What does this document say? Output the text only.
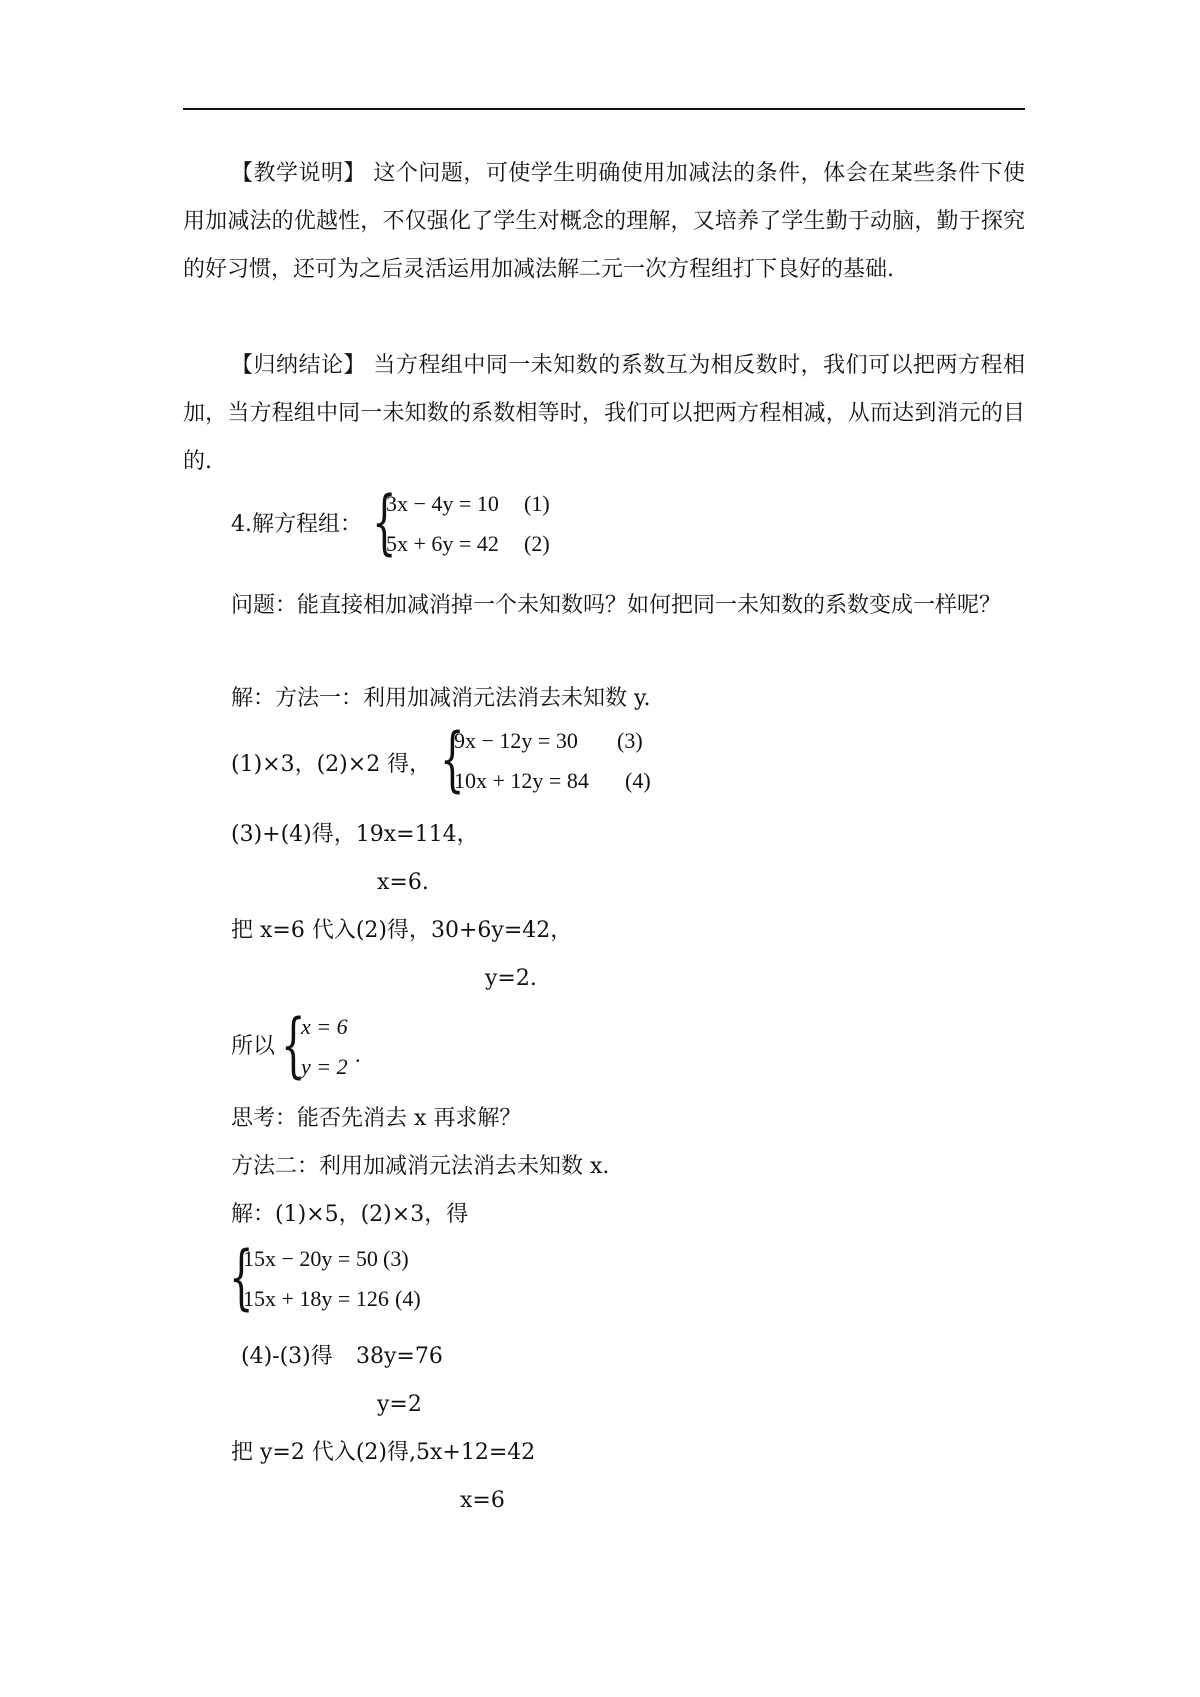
【教学说明】 这个问题，可使学生明确使用加减法的条件，体会在某些条件下使用加减法的优越性，不仅强化了学生对概念的理解，又培养了学生勤于动脑，勤于探究的好习惯，还可为之后灵活运用加减法解二元一次方程组打下良好的基础.
【归纳结论】 当方程组中同一未知数的系数互为相反数时，我们可以把两方程相加，当方程组中同一未知数的系数相等时，我们可以把两方程相减，从而达到消元的目的.
4.解方程组： {
3x − 4y = 10 (1)
5x + 6y = 42 (2)
问题：能直接相加减消掉一个未知数吗？如何把同一未知数的系数变成一样呢？
解：方法一：利用加减消元法消去未知数 y.
(1)×3，(2)×2 得， {
9x − 12y = 30 (3)
10x + 12y = 84 (4)
(3)+(4)得，19x=114，
x=6.
把 x=6 代入(2)得，30+6y=42，
y=2.
所以 {
x = 6
y = 2 .
思考：能否先消去 x 再求解？
方法二：利用加减消元法消去未知数 x.
解：(1)×5，(2)×3，得
{
15x − 20y = 50 (3)
15x + 18y = 126 (4)
(4)-(3)得 38y=76
y=2
把 y=2 代入(2)得,5x+12=42
x=6
